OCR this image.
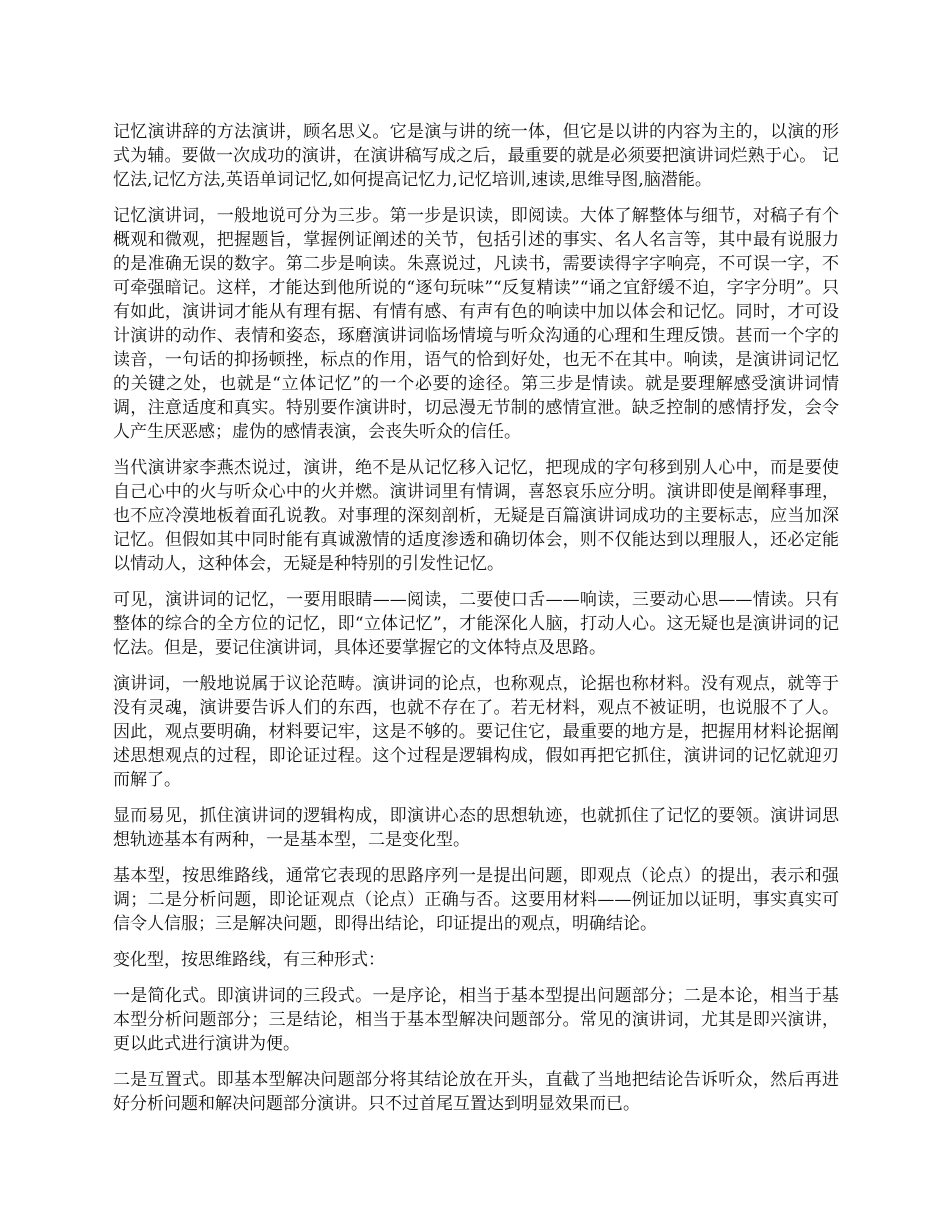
记忆演讲辞的方法演讲，顾名思义。它是演与讲的统一体，但它是以讲的内容为主的，以演的形式为辅。要做一次成功的演讲，在演讲稿写成之后，最重要的就是必须要把演讲词烂熟于心。 记忆法,记忆方法,英语单词记忆,如何提高记忆力,记忆培训,速读,思维导图,脑潜能。

记忆演讲词，一般地说可分为三步。第一步是识读，即阅读。大体了解整体与细节，对稿子有个概观和微观，把握题旨，掌握例证阐述的关节，包括引述的事实、名人名言等，其中最有说服力的是准确无误的数字。第二步是响读。朱熹说过，凡读书，需要读得字字响亮，不可误一字，不可牵强暗记。这样，才能达到他所说的“逐句玩味”“反复精读”“诵之宜舒缓不迫，字字分明”。只有如此，演讲词才能从有理有据、有情有感、有声有色的响读中加以体会和记忆。同时，才可设计演讲的动作、表情和姿态，琢磨演讲词临场情境与听众沟通的心理和生理反馈。甚而一个字的读音，一句话的抑扬顿挫，标点的作用，语气的恰到好处，也无不在其中。响读，是演讲词记忆的关键之处，也就是“立体记忆”的一个必要的途径。第三步是情读。就是要理解感受演讲词情调，注意适度和真实。特别要作演讲时，切忌漫无节制的感情宣泄。缺乏控制的感情抒发，会令人产生厌恶感；虚伪的感情表演，会丧失听众的信任。

当代演讲家李燕杰说过，演讲，绝不是从记忆移入记忆，把现成的字句移到别人心中，而是要使自己心中的火与听众心中的火并燃。演讲词里有情调，喜怒哀乐应分明。演讲即使是阐释事理，也不应冷漠地板着面孔说教。对事理的深刻剖析，无疑是百篇演讲词成功的主要标志，应当加深记忆。但假如其中同时能有真诚激情的适度渗透和确切体会，则不仅能达到以理服人，还必定能以情动人，这种体会，无疑是种特别的引发性记忆。

可见，演讲词的记忆，一要用眼睛——阅读，二要使口舌——响读，三要动心思——情读。只有整体的综合的全方位的记忆，即“立体记忆”，才能深化人脑，打动人心。这无疑也是演讲词的记忆法。但是，要记住演讲词，具体还要掌握它的文体特点及思路。

演讲词，一般地说属于议论范畴。演讲词的论点，也称观点，论据也称材料。没有观点，就等于没有灵魂，演讲要告诉人们的东西，也就不存在了。若无材料，观点不被证明，也说服不了人。因此，观点要明确，材料要记牢，这是不够的。要记住它，最重要的地方是，把握用材料论据阐述思想观点的过程，即论证过程。这个过程是逻辑构成，假如再把它抓住，演讲词的记忆就迎刃而解了。

显而易见，抓住演讲词的逻辑构成，即演讲心态的思想轨迹，也就抓住了记忆的要领。演讲词思想轨迹基本有两种，一是基本型，二是变化型。

基本型，按思维路线，通常它表现的思路序列一是提出问题，即观点（论点）的提出，表示和强调；二是分析问题，即论证观点（论点）正确与否。这要用材料——例证加以证明，事实真实可信令人信服；三是解决问题，即得出结论，印证提出的观点，明确结论。

变化型，按思维路线，有三种形式：

一是简化式。即演讲词的三段式。一是序论，相当于基本型提出问题部分；二是本论，相当于基本型分析问题部分；三是结论，相当于基本型解决问题部分。常见的演讲词，尤其是即兴演讲，更以此式进行演讲为便。

二是互置式。即基本型解决问题部分将其结论放在开头，直截了当地把结论告诉听众，然后再进好分析问题和解决问题部分演讲。只不过首尾互置达到明显效果而已。
